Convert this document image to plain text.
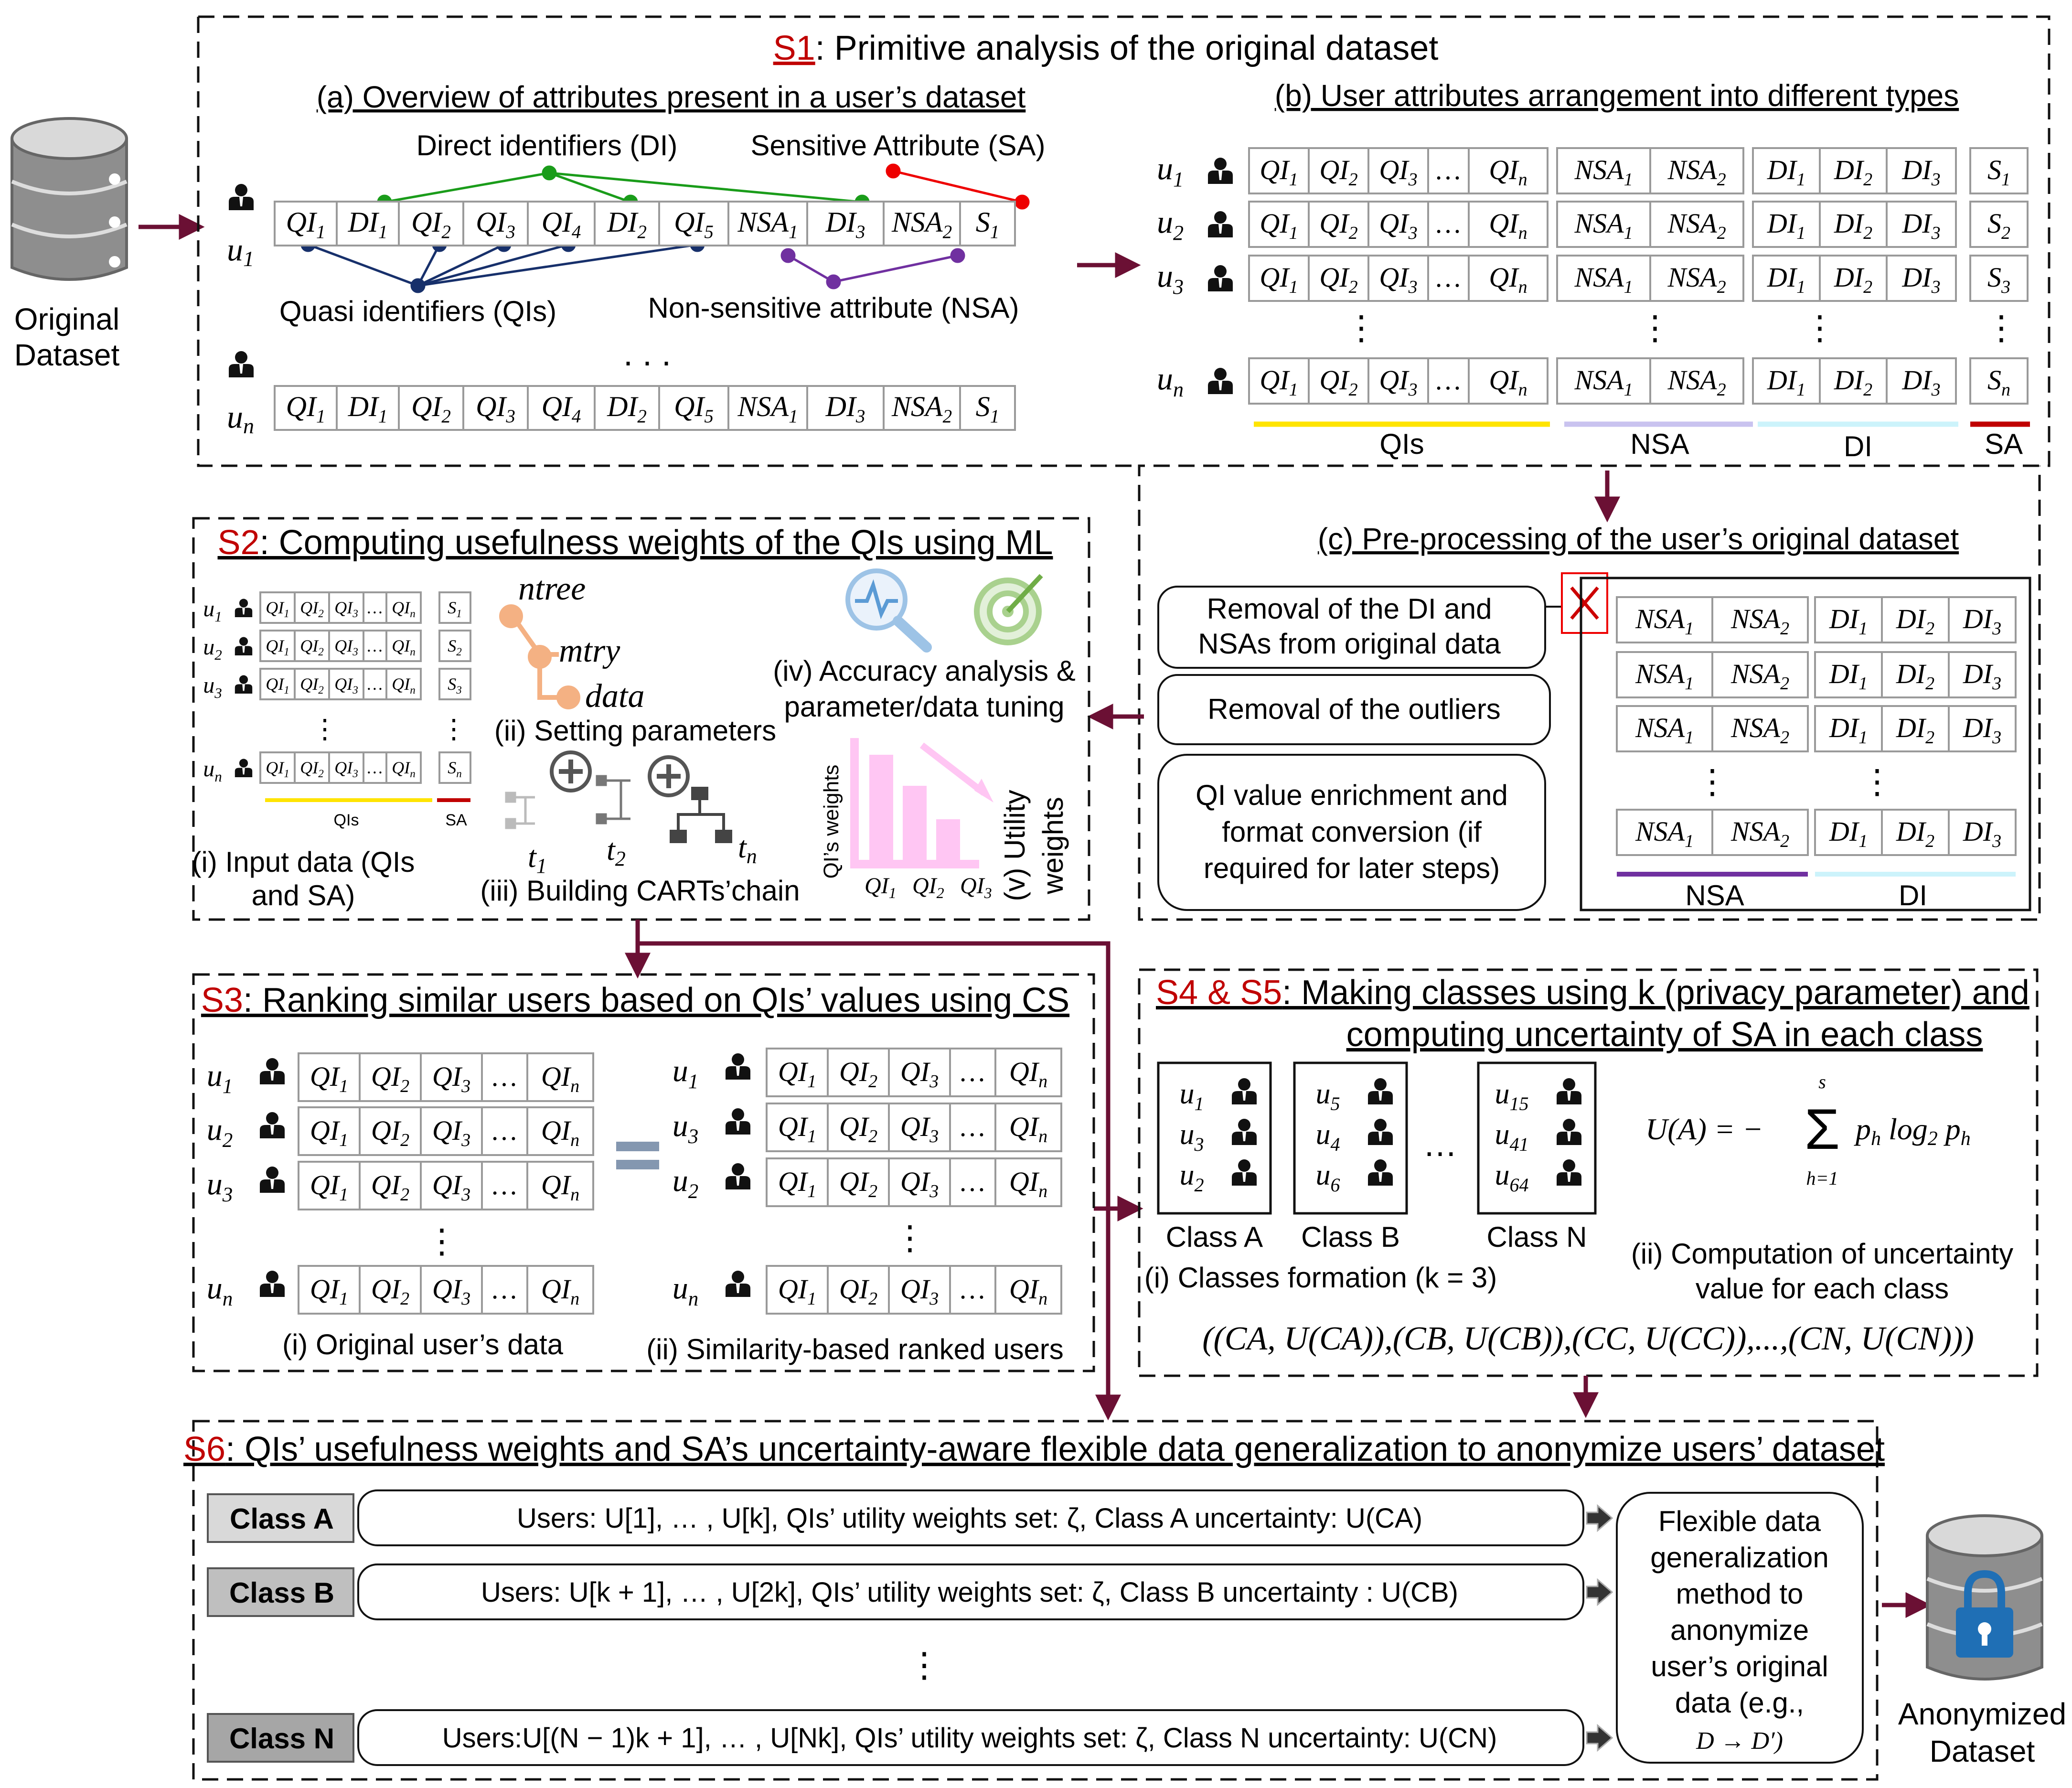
Original
Dataset
S1: Primitive analysis of the original dataset
(a) Overview of attributes present in a user’s dataset	(b) User attributes arrangement into different types
Direct identifiers (DI)	Sensitive Attribute (SA)
Quasi identifiers (QIs)	Non-sensitive attribute (NSA)
. . .
$QI_1$ $DI_1$ $QI_2$ $QI_3$ $QI_4$ $DI_2$ $QI_5$ $NSA_1$ $DI_3$ $NSA_2$ $S_1$
$QI_1$ $DI_1$ $QI_2$ $QI_3$ $QI_4$ $DI_2$ $QI_5$ $NSA_1$ $DI_3$ $NSA_2$ $S_1$
u1
un
$u_1$	$QI_1$ $QI_2$ $QI_3$ … $QI_n$ $NSA_1$ $NSA_2$ $DI_1$ $DI_2$ $DI_3$ $S_1$
$u_2$	$QI_1$ $QI_2$ $QI_3$ … $QI_n$ $NSA_1$ $NSA_2$ $DI_1$ $DI_2$ $DI_3$ $S_2$
$u_3$	$QI_1$ $QI_2$ $QI_3$ … $QI_n$ $NSA_1$ $NSA_2$ $DI_1$ $DI_2$ $DI_3$ $S_3$
$u_n$	$QI_1$ $QI_2$ $QI_3$ … $QI_n$ $NSA_1$ $NSA_2$ $DI_1$ $DI_2$ $DI_3$ $S_n$
⋮	⋮	⋮	⋮
QIs	NSA	DI	SA
(c) Pre-processing of the user’s original dataset
Removal of the DI and
NSAs from original data
Removal of the outliers
QI value enrichment and
format conversion (if
required for later steps)
$NSA_1$ $NSA_2$ $DI_1$ $DI_2$ $DI_3$
$NSA_1$ $NSA_2$ $DI_1$ $DI_2$ $DI_3$
$NSA_1$ $NSA_2$ $DI_1$ $DI_2$ $DI_3$
$NSA_1$ $NSA_2$ $DI_1$ $DI_2$ $DI_3$
⋮	⋮
NSA	DI
S2: Computing usefulness weights of the QIs using ML
$u_1$	$QI_1$ $QI_2$ $QI_3$ … $QI_n$ $S_1$
$u_2$	$QI_1$ $QI_2$ $QI_3$ … $QI_n$ $S_2$
$u_3$	$QI_1$ $QI_2$ $QI_3$ … $QI_n$ $S_3$
$u_n$	$QI_1$ $QI_2$ $QI_3$ … $QI_n$ $S_n$
⋮	⋮
(i) Input data (QIs
and SA)
QIs	SA
ntree
mtry
data
(ii) Setting parameters
t1 t2	tn
(iii) Building CARTs’chain
(iv) Accuracy analysis &
parameter/data tuning
QI’s weights
$QI_1$ $QI_2$ $QI_3$ (v) Utility weights
S3: Ranking similar users based on QIs’ values using CS
$u_1$	$QI_1$ $QI_2$ $QI_3$ … $QI_n$
$u_2$	$QI_1$ $QI_2$ $QI_3$ … $QI_n$
$u_3$	$QI_1$ $QI_2$ $QI_3$ … $QI_n$
$u_n$	$QI_1$ $QI_2$ $QI_3$ … $QI_n$
⋮
$u_1$	$QI_1$ $QI_2$ $QI_3$ … $QI_n$
$u_3$	$QI_1$ $QI_2$ $QI_3$ … $QI_n$
$u_2$	$QI_1$ $QI_2$ $QI_3$ … $QI_n$
$u_n$	$QI_1$ $QI_2$ $QI_3$ … $QI_n$
⋮
(i) Original user’s data	(ii) Similarity-based ranked users
S4 & S5: Making classes using k (privacy parameter) and
computing uncertainty of SA in each class
$u_1$
$u_3$
$u_2$
Class A
$u_5$
$u_4$
$u_6$
Class B
$u_{15}$
$u_{41}$
$u_{64}$
Class N
…	U(A) = − Σ
s
h=1
ph log2 ph
(i) Classes formation (k = 3)
(ii) Computation of uncertainty
value for each class
((CA, U(CA)),(CB, U(CB)),(CC, U(CC)),...,(CN, U(CN)))
S6: QIs’ usefulness weights and SA’s uncertainty-aware flexible data generalization to anonymize users’ dataset
Class A	Users: U[1], … , U[k], QIs’ utility weights set: ζ, Class A uncertainty: U(CA)
Class B	Users: U[k + 1], … , U[2k], QIs’ utility weights set: ζ, Class B uncertainty : U(CB)
Class N	Users:U[(N − 1)k + 1], … , U[Nk], QIs’ utility weights set: ζ, Class N uncertainty: U(CN)
⋮
Flexible data
generalization
method to
anonymize
user’s original
data (e.g.,
D → D′)
Anonymized
Dataset
